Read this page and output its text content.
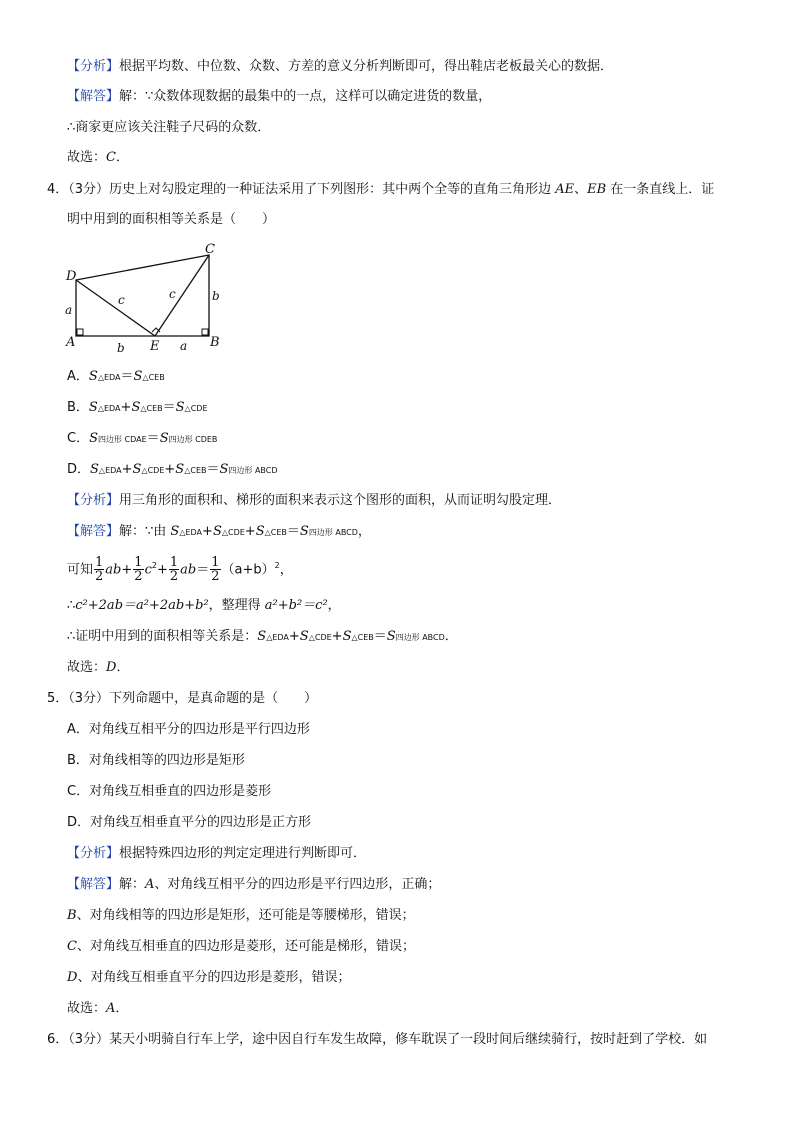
【分析】根据平均数、中位数、众数、方差的意义分析判断即可，得出鞋店老板最关心的数据．
【解答】解：∵众数体现数据的最集中的一点，这样可以确定进货的数量，
∴商家更应该关注鞋子尺码的众数．
故选：C．
4．（3分）历史上对勾股定理的一种证法采用了下列图形：其中两个全等的直角三角形边 AE、EB 在一条直线上．证
明中用到的面积相等关系是（　　）
D
C
A	B
E
a
b	a
b
c	c
A．S△EDA＝S△CEB
B．S△EDA+S△CEB＝S△CDE
C．S四边形 CDAE＝S四边形 CDEB
D．S△EDA+S△CDE+S△CEB＝S四边形 ABCD
【分析】用三角形的面积和、梯形的面积来表示这个图形的面积，从而证明勾股定理．
【解答】解：∵由 S△EDA+S△CDE+S△CEB＝S四边形 ABCD，
可知 $\frac{1}{2} ab+ \frac{1}{2} c^2+ \frac{1}{2} ab= \frac{1}{2} (a+b)^2$，
∴c²+2ab＝a²+2ab+b²，整理得 a²+b²＝c²，
∴证明中用到的面积相等关系是：S△EDA+S△CDE+S△CEB＝S四边形 ABCD．
故选：D．
5．（3分）下列命题中，是真命题的是（　　）
A．对角线互相平分的四边形是平行四边形
B．对角线相等的四边形是矩形
C．对角线互相垂直的四边形是菱形
D．对角线互相垂直平分的四边形是正方形
【分析】根据特殊四边形的判定定理进行判断即可．
【解答】解：A、对角线互相平分的四边形是平行四边形，正确；
B、对角线相等的四边形是矩形，还可能是等腰梯形，错误；
C、对角线互相垂直的四边形是菱形，还可能是梯形，错误；
D、对角线互相垂直平分的四边形是菱形，错误；
故选：A．
6．（3分）某天小明骑自行车上学，途中因自行车发生故障，修车耽误了一段时间后继续骑行，按时赶到了学校．如
